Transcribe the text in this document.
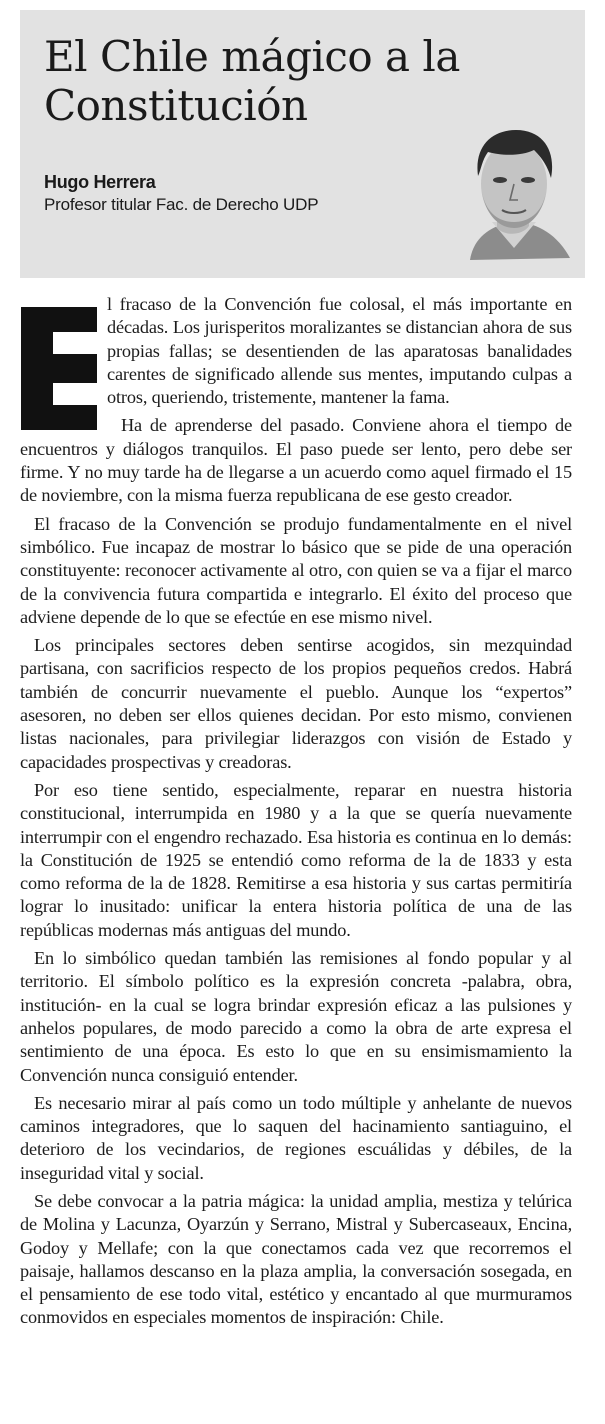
El Chile mágico a la
Constitución
Hugo Herrera
Profesor titular Fac. de Derecho UDP

l fracaso de la Convención fue colosal, el más importante en décadas. Los jurisperitos moralizantes se distancian ahora de sus propias fallas; se desentienden de las aparatosas banalidades carentes de significado allende sus mentes, imputando culpas a otros, queriendo, tristemente, mantener la fama.

Ha de aprenderse del pasado. Conviene ahora el tiempo de encuentros y diálogos tranquilos. El paso puede ser lento, pero debe ser firme. Y no muy tarde ha de llegarse a un acuerdo como aquel firmado el 15 de noviembre, con la misma fuerza republicana de ese gesto creador.

El fracaso de la Convención se produjo fundamentalmente en el nivel simbólico. Fue incapaz de mostrar lo básico que se pide de una operación constituyente: reconocer activamente al otro, con quien se va a fijar el marco de la convivencia futura compartida e integrarlo. El éxito del proceso que adviene depende de lo que se efectúe en ese mismo nivel.

Los principales sectores deben sentirse acogidos, sin mezquindad partisana, con sacrificios respecto de los propios pequeños credos. Habrá también de concurrir nuevamente el pueblo. Aunque los “expertos” asesoren, no deben ser ellos quienes decidan. Por esto mismo, convienen listas nacionales, para privilegiar liderazgos con visión de Estado y capacidades prospectivas y creadoras.

Por eso tiene sentido, especialmente, reparar en nuestra historia constitucional, interrumpida en 1980 y a la que se quería nuevamente interrumpir con el engendro rechazado. Esa historia es continua en lo demás: la Constitución de 1925 se entendió como reforma de la de 1833 y esta como reforma de la de 1828. Remitirse a esa historia y sus cartas permitiría lograr lo inusitado: unificar la entera historia política de una de las repúblicas modernas más antiguas del mundo.

En lo simbólico quedan también las remisiones al fondo popular y al territorio. El símbolo político es la expresión concreta -palabra, obra, institución- en la cual se logra brindar expresión eficaz a las pulsiones y anhelos populares, de modo parecido a como la obra de arte expresa el sentimiento de una época. Es esto lo que en su ensimismamiento la Convención nunca consiguió entender.

Es necesario mirar al país como un todo múltiple y anhelante de nuevos caminos integradores, que lo saquen del hacinamiento santiaguino, el deterioro de los vecindarios, de regiones escuálidas y débiles, de la inseguridad vital y social.

Se debe convocar a la patria mágica: la unidad amplia, mestiza y telúrica de Molina y Lacunza, Oyarzún y Serrano, Mistral y Subercaseaux, Encina, Godoy y Mellafe; con la que conectamos cada vez que recorremos el paisaje, hallamos descanso en la plaza amplia, la conversación sosegada, en el pensamiento de ese todo vital, estético y encantado al que murmuramos conmovidos en especiales momentos de inspiración: Chile.
